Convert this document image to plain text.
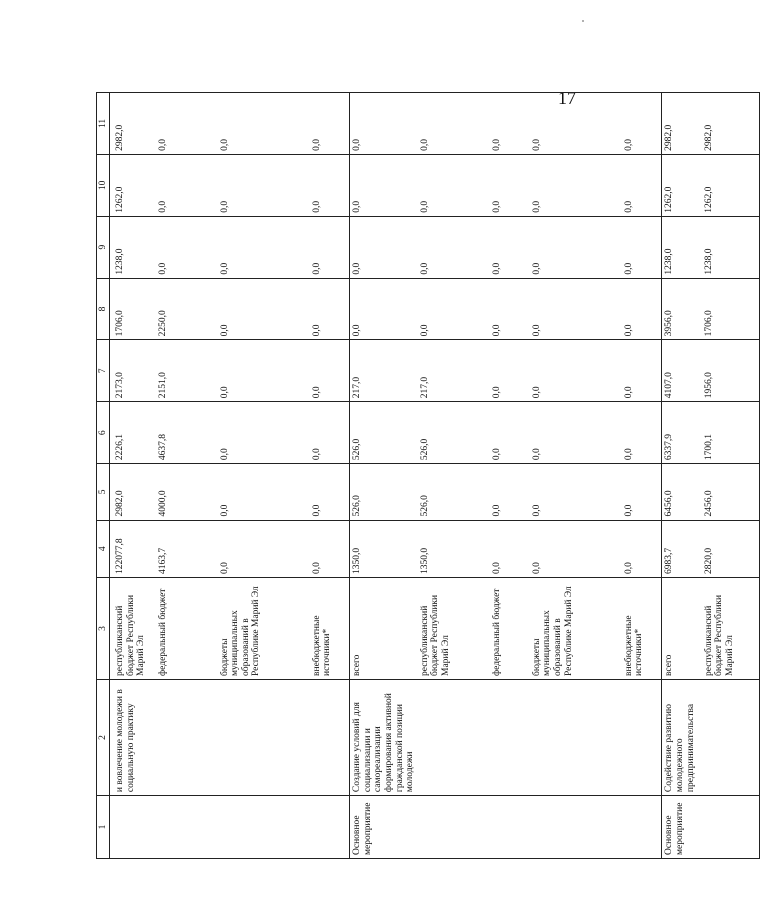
17
1	2	3	4	5	6	7	8	9	10	11
	и вовлечение молодежи в социальную практику	республиканский бюджет Республики Марий Эл	122077,8	2982,0	2226,1	2173,0	1706,0	1238,0	1262,0	2982,0
		федеральный бюджет	4163,7	4000,0	4637,8	2151,0	2250,0	0,0	0,0	0,0
		бюджеты муниципальных образований в Республике Марий Эл	0,0	0,0	0,0	0,0	0,0	0,0	0,0	0,0
		внебюджетные источники*	0,0	0,0	0,0	0,0	0,0	0,0	0,0	0,0
Основное мероприятие	Создание условий для социализации и самореализации формирования активной гражданской позиции молодежи	всего	1350,0	526,0	526,0	217,0	0,0	0,0	0,0	0,0
		республиканский бюджет Республики Марий Эл	1350,0	526,0	526,0	217,0	0,0	0,0	0,0	0,0
		федеральный бюджет	0,0	0,0	0,0	0,0	0,0	0,0	0,0	0,0
		бюджеты муниципальных образований в Республике Марий Эл	0,0	0,0	0,0	0,0	0,0	0,0	0,0	0,0
		внебюджетные источники*	0,0	0,0	0,0	0,0	0,0	0,0	0,0	0,0
Основное мероприятие	Содействие развитию молодежного предпринимательства	всего	6983,7	6456,0	6337,9	4107,0	3956,0	1238,0	1262,0	2982,0
		республиканский бюджет Республики Марий Эл	2820,0	2456,0	1700,1	1956,0	1706,0	1238,0	1262,0	2982,0
